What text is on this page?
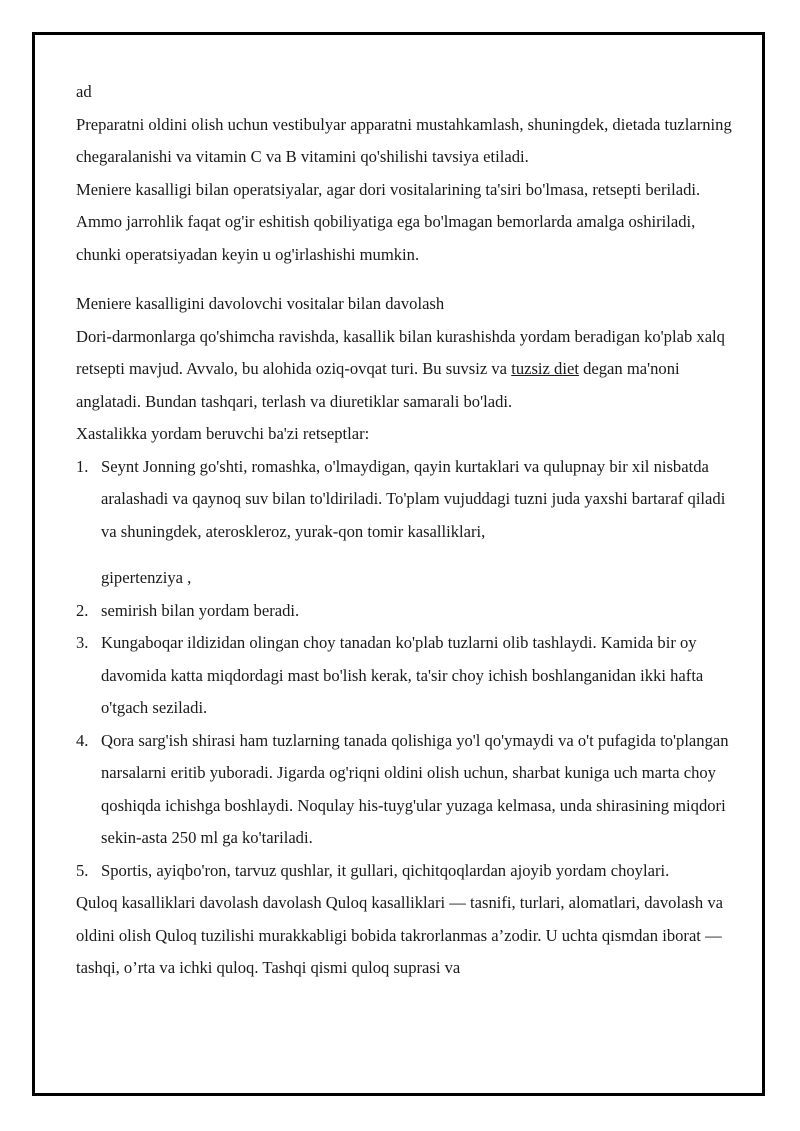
ad

Preparatni oldini olish uchun vestibulyar apparatni mustahkamlash, shuningdek, dietada tuzlarning chegaralanishi va vitamin C va B vitamini qo'shilishi tavsiya etiladi.

Meniere kasalligi bilan operatsiyalar, agar dori vositalarining ta'siri bo'lmasa, retsepti beriladi. Ammo jarrohlik faqat og'ir eshitish qobiliyatiga ega bo'lmagan bemorlarda amalga oshiriladi, chunki operatsiyadan keyin u og'irlashishi mumkin.

Meniere kasalligini davolovchi vositalar bilan davolash

Dori-darmonlarga qo'shimcha ravishda, kasallik bilan kurashishda yordam beradigan ko'plab xalq retsepti mavjud. Avvalo, bu alohida oziq-ovqat turi. Bu suvsiz va tuzsiz diet degan ma'noni anglatadi. Bundan tashqari, terlash va diuretiklar samarali bo'ladi.

Xastalikka yordam beruvchi ba'zi retseptlar:

1. Seynt Jonning go'shti, romashka, o'lmaydigan, qayin kurtaklari va qulupnay bir xil nisbatda aralashadi va qaynoq suv bilan to'ldiriladi. To'plam vujuddagi tuzni juda yaxshi bartaraf qiladi va shuningdek, ateroskleroz, yurak-qon tomir kasalliklari,
gipertenziya ,
2. semirish bilan yordam beradi.
3. Kungaboqar ildizidan olingan choy tanadan ko'plab tuzlarni olib tashlaydi. Kamida bir oy davomida katta miqdordagi mast bo'lish kerak, ta'sir choy ichish boshlanganidan ikki hafta o'tgach seziladi.
4. Qora sarg'ish shirasi ham tuzlarning tanada qolishiga yo'l qo'ymaydi va o't pufagida to'plangan narsalarni eritib yuboradi. Jigarda og'riqni oldini olish uchun, sharbat kuniga uch marta choy qoshiqda ichishga boshlaydi. Noqulay his-tuyg'ular yuzaga kelmasa, unda shirasining miqdori sekin-asta 250 ml ga ko'tariladi.
5. Sportis, ayiqbo'ron, tarvuz qushlar, it gullari, qichitqoqlardan ajoyib yordam choylari.

Quloq kasalliklari davolash davolash Quloq kasalliklari — tasnifi, turlari, alomatlari, davolash va oldini olish Quloq tuzilishi murakkabligi bobida takrorlanmas a’zodir. U uchta qismdan iborat — tashqi, o’rta va ichki quloq. Tashqi qismi quloq suprasi va
